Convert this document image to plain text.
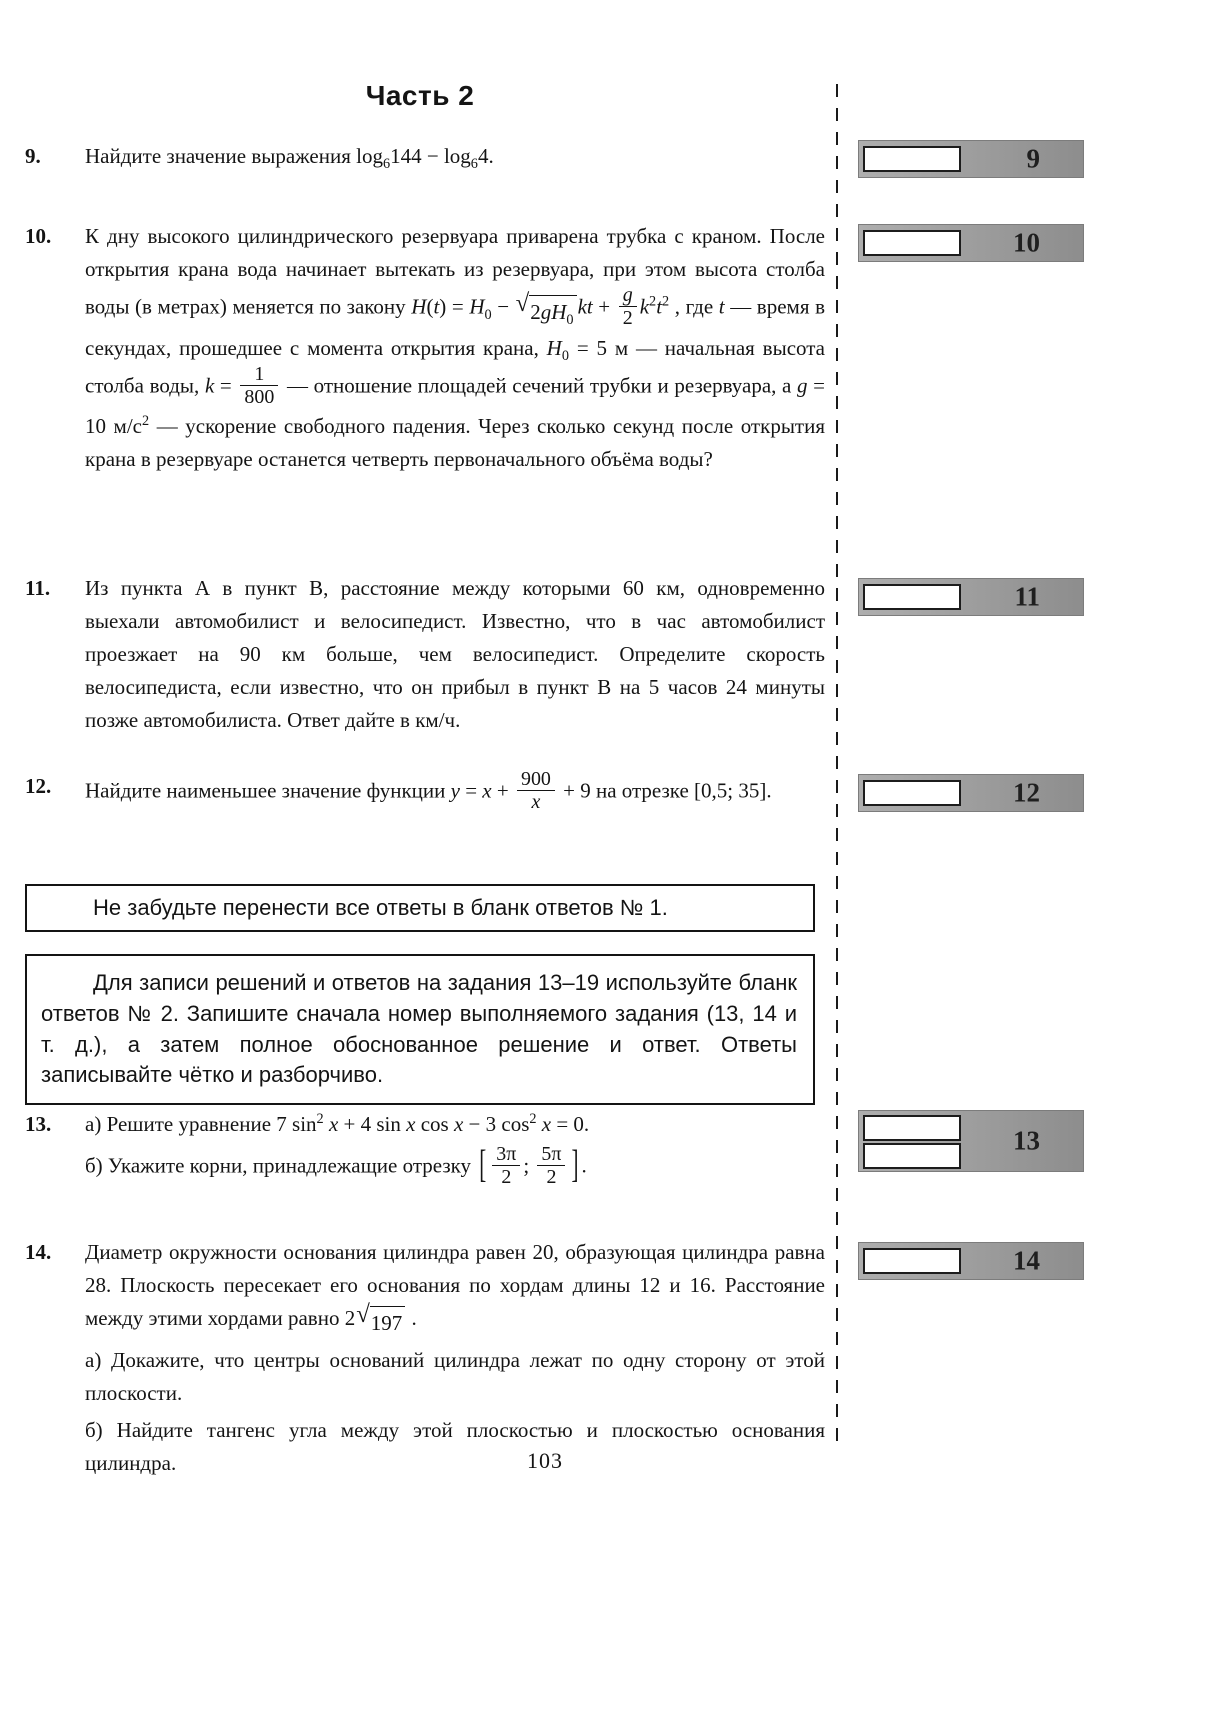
Часть 2
9.	Найдите значение выражения $\log_6144 - \log_64$.

10.	К дну высокого цилиндрического резервуара приварена трубка с краном. После открытия крана вода начинает вытекать из резервуара, при этом высота столба воды (в метрах) меняется по закону $H(t) = H_0$ − √ $2gH_0$
kt + $\frac{g}{2} k^2t^2$ , где t — время в секундах, прошедшее с момента открытия крана, $H_0 = 5$ м — начальная высота столба воды, $k = \frac{1}{800}$ — отношение площадей сечений трубки и резервуара, а g = 10 $м/с^2$ — ускорение свободного падения. Через сколько секунд после открытия крана в резервуаре останется четверть первоначального объёма воды?

11.	Из пункта А в пункт В, расстояние между которыми 60 км, одновременно выехали автомобилист и велосипедист. Известно, что в час автомобилист проезжает на 90 км больше, чем велосипедист. Определите скорость велосипедиста, если известно, что он прибыл в пункт В на 5 часов 24 минуты позже автомобилиста. Ответ дайте в км/ч.

12.	Найдите наименьшее значение функции $y = x + \frac{900}{x} + 9$ на отрезке [0,5; 35].

Не забудьте перенести все ответы в бланк ответов № 1.

Для записи решений и ответов на задания 13–19 используйте бланк ответов № 2. Запишите сначала номер выполняемого задания (13, 14 и т. д.), а затем полное обоснованное решение и ответ. Ответы записывайте чётко и разборчиво.

13.	а) Решите уравнение 7 $\sin^2 x + 4$ sin x cos x − 3 $\cos^2 x = 0$.

б) Укажите корни, принадлежащие отрезку [ $\frac{3\pi}{2}$ ; $\frac{5\pi}{2}$ ] .

14.	Диаметр окружности основания цилиндра равен 20, образующая цилиндра равна 28. Плоскость пересекает его основания по хордам длины 12 и 16. Расстояние между этими хордами равно 2 √ 197 .

а) Докажите, что центры оснований цилиндра лежат по одну сторону от этой плоскости.

б) Найдите тангенс угла между этой плоскостью и плоскостью основания цилиндра.

9
10
11
12
13
14
103
